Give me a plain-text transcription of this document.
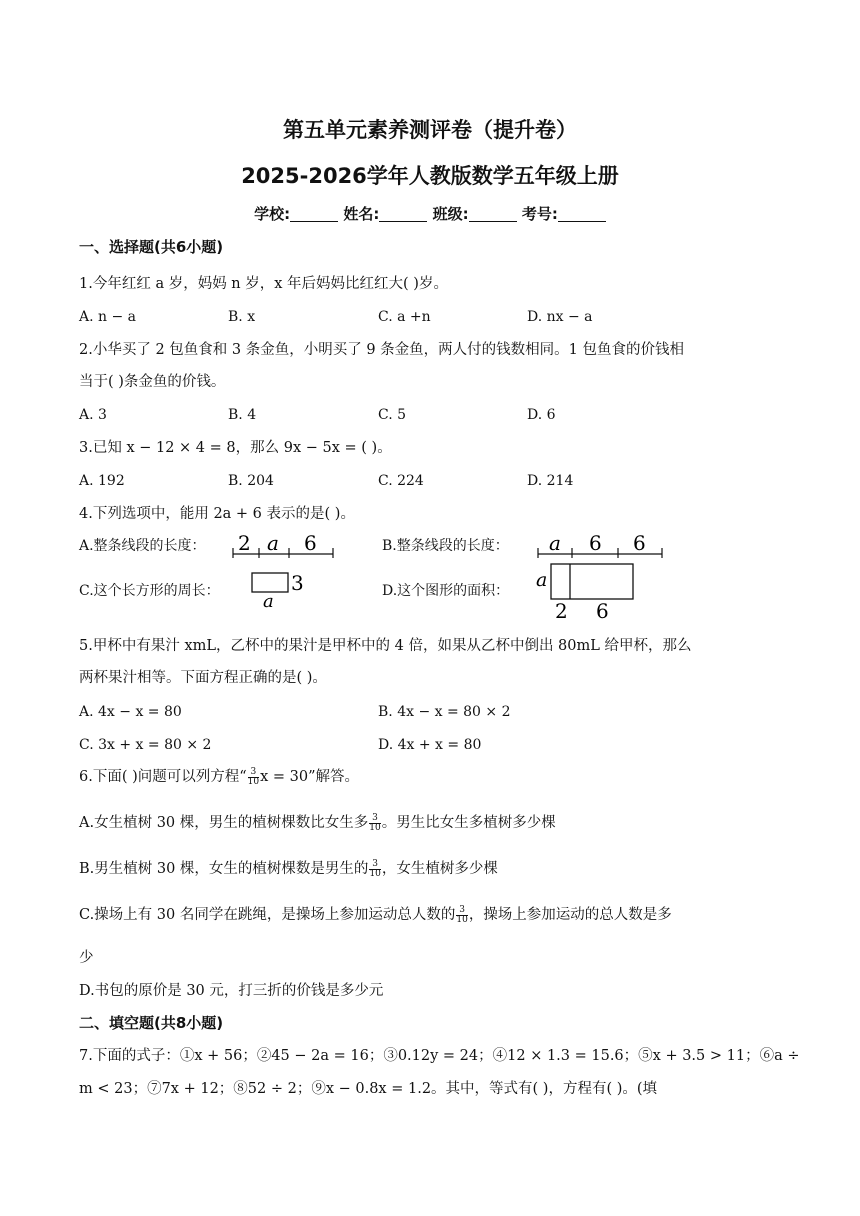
第五单元素养测评卷（提升卷）
2025-2026学年人教版数学五年级上册
学校:	姓名:	班级:	考号:
一、选择题(共6小题)
1.今年红红 a 岁，妈妈 n 岁，x 年后妈妈比红红大( )岁。
A. n − a	B. x	C. a +n	D. nx − a
2.小华买了 2 包鱼食和 3 条金鱼，小明买了 9 条金鱼，两人付的钱数相同。1 包鱼食的价钱相
当于( )条金鱼的价钱。
A. 3	B. 4	C. 5	D. 6
3.已知 x − 12 × 4 = 8，那么 9x − 5x = ( )。
A. 192	B. 204	C. 224	D. 214
4.下列选项中，能用 2a + 6 表示的是( )。
A.整条线段的长度： 2 a 6	B.整条线段的长度： a 6 6
C.这个长方形的周长：	3
a	D.这个图形的面积： a
2 6
5.甲杯中有果汁 xmL，乙杯中的果汁是甲杯中的 4 倍，如果从乙杯中倒出 80mL 给甲杯，那么
两杯果汁相等。下面方程正确的是( )。
A. 4x − x = 80	B. 4x − x = 80 × 2
C. 3x + x = 80 × 2	D. 4x + x = 80
6.下面( )问题可以列方程“ $\frac{3}{10}$ x = 30”解答。
A.女生植树 30 棵，男生的植树棵数比女生多 $\frac{3}{10}$ 。男生比女生多植树多少棵
B.男生植树 30 棵，女生的植树棵数是男生的 $\frac{3}{10}$ ，女生植树多少棵
C.操场上有 30 名同学在跳绳，是操场上参加运动总人数的 $\frac{3}{10}$ ，操场上参加运动的总人数是多
少
D.书包的原价是 30 元，打三折的价钱是多少元
二、填空题(共8小题)
7.下面的式子：①x + 56；②45 − 2a = 16；③0.12y = 24；④12 × 1.3 = 15.6；⑤x + 3.5 > 11；⑥a ÷
m < 23；⑦7x + 12；⑧52 ÷ 2；⑨x − 0.8x = 1.2。其中，等式有( )，方程有( )。(填
